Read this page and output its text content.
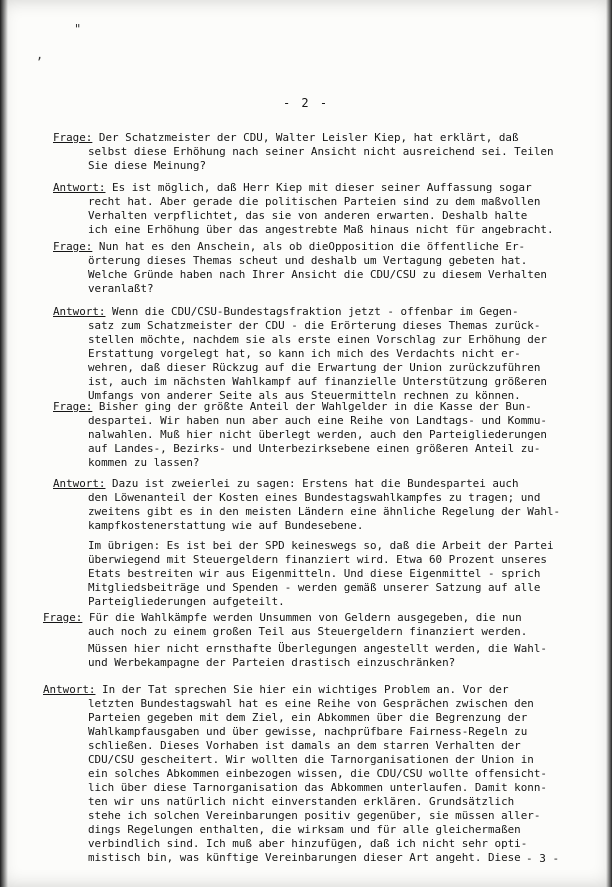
"
,
- 2 -
Frage: Der Schatzmeister der CDU, Walter Leisler Kiep, hat erklärt, daß
selbst diese Erhöhung nach seiner Ansicht nicht ausreichend sei. Teilen
Sie diese Meinung?
Antwort: Es ist möglich, daß Herr Kiep mit dieser seiner Auffassung sogar
recht hat. Aber gerade die politischen Parteien sind zu dem maßvollen
Verhalten verpflichtet, das sie von anderen erwarten. Deshalb halte
ich eine Erhöhung über das angestrebte Maß hinaus nicht für angebracht.
Frage: Nun hat es den Anschein, als ob dieOpposition die öffentliche Er-
örterung dieses Themas scheut und deshalb um Vertagung gebeten hat.
Welche Gründe haben nach Ihrer Ansicht die CDU/CSU zu diesem Verhalten
veranlaßt?
Antwort: Wenn die CDU/CSU-Bundestagsfraktion jetzt - offenbar im Gegen-
satz zum Schatzmeister der CDU - die Erörterung dieses Themas zurück-
stellen möchte, nachdem sie als erste einen Vorschlag zur Erhöhung der
Erstattung vorgelegt hat, so kann ich mich des Verdachts nicht er-
wehren, daß dieser Rückzug auf die Erwartung der Union zurückzuführen
ist, auch im nächsten Wahlkampf auf finanzielle Unterstützung größeren
Umfangs von anderer Seite als aus Steuermitteln rechnen zu können.
Frage: Bisher ging der größte Anteil der Wahlgelder in die Kasse der Bun-
despartei. Wir haben nun aber auch eine Reihe von Landtags- und Kommu-
nalwahlen. Muß hier nicht überlegt werden, auch den Parteigliederungen
auf Landes-, Bezirks- und Unterbezirksebene einen größeren Anteil zu-
kommen zu lassen?
Antwort: Dazu ist zweierlei zu sagen: Erstens hat die Bundespartei auch
den Löwenanteil der Kosten eines Bundestagswahlkampfes zu tragen; und
zweitens gibt es in den meisten Ländern eine ähnliche Regelung der Wahl-
kampfkostenerstattung wie auf Bundesebene.
Im übrigen: Es ist bei der SPD keineswegs so, daß die Arbeit der Partei
überwiegend mit Steuergeldern finanziert wird. Etwa 60 Prozent unseres
Etats bestreiten wir aus Eigenmitteln. Und diese Eigenmittel - sprich
Mitgliedsbeiträge und Spenden - werden gemäß unserer Satzung auf alle
Parteigliederungen aufgeteilt.
Frage: Für die Wahlkämpfe werden Unsummen von Geldern ausgegeben, die nun
auch noch zu einem großen Teil aus Steuergeldern finanziert werden.
Müssen hier nicht ernsthafte Überlegungen angestellt werden, die Wahl-
und Werbekampagne der Parteien drastisch einzuschränken?
Antwort: In der Tat sprechen Sie hier ein wichtiges Problem an. Vor der
letzten Bundestagswahl hat es eine Reihe von Gesprächen zwischen den
Parteien gegeben mit dem Ziel, ein Abkommen über die Begrenzung der
Wahlkampfausgaben und über gewisse, nachprüfbare Fairness-Regeln zu
schließen. Dieses Vorhaben ist damals an dem starren Verhalten der
CDU/CSU gescheitert. Wir wollten die Tarnorganisationen der Union in
ein solches Abkommen einbezogen wissen, die CDU/CSU wollte offensicht-
lich über diese Tarnorganisation das Abkommen unterlaufen. Damit konn-
ten wir uns natürlich nicht einverstanden erklären. Grundsätzlich
stehe ich solchen Vereinbarungen positiv gegenüber, sie müssen aller-
dings Regelungen enthalten, die wirksam und für alle gleichermaßen
verbindlich sind. Ich muß aber hinzufügen, daß ich nicht sehr opti-
mistisch bin, was künftige Vereinbarungen dieser Art angeht. Diese - 3 -
